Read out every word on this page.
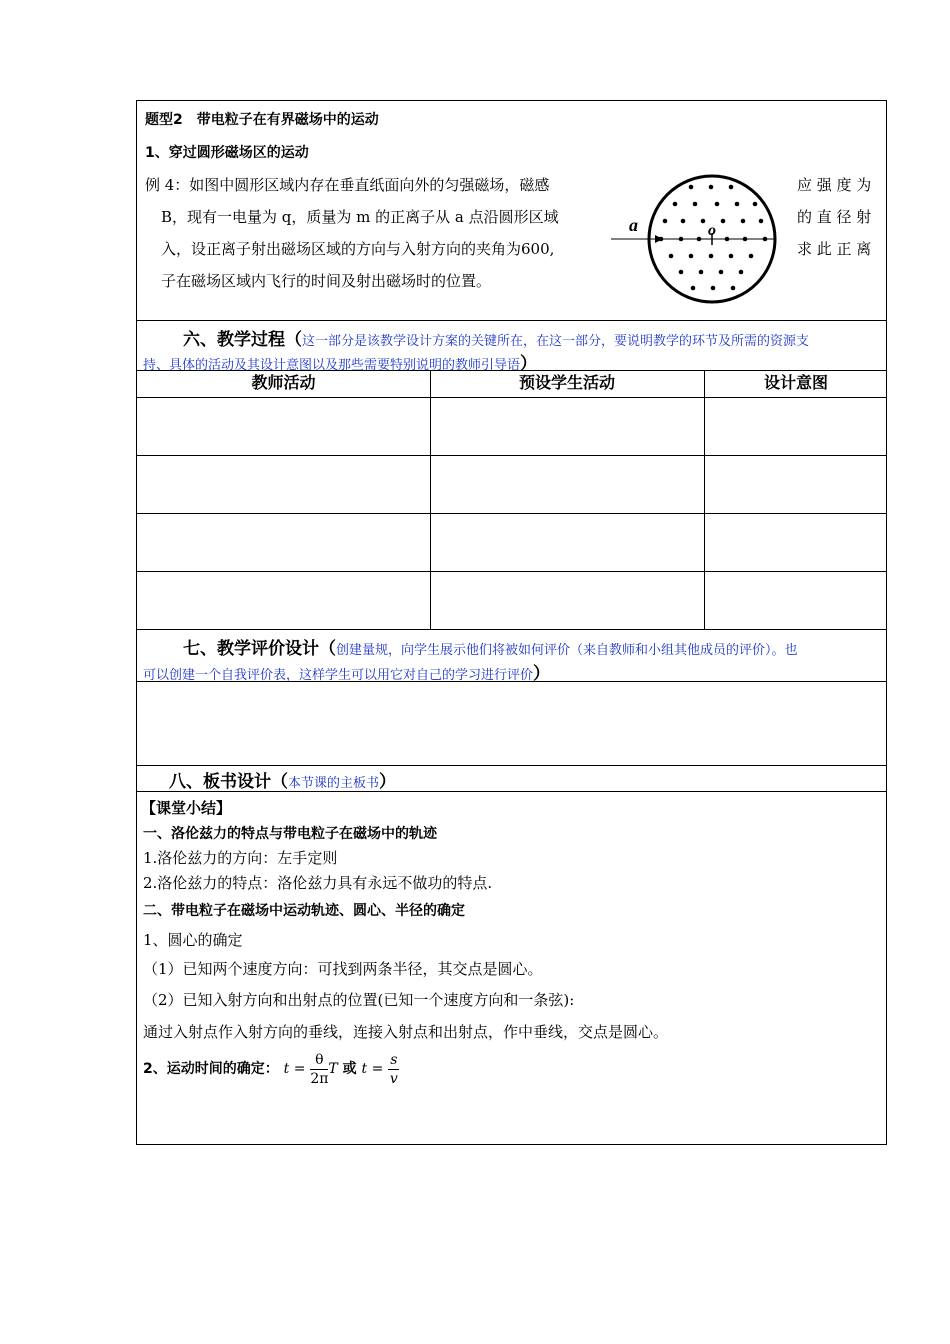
题型2　带电粒子在有界磁场中的运动
1、穿过圆形磁场区的运动
例 4：如图中圆形区域内存在垂直纸面向外的匀强磁场，磁感	应 强 度 为
B，现有一电量为 q，质量为 m 的正离子从 a 点沿圆形区域	的 直 径 射
入，设正离子射出磁场区域的方向与入射方向的夹角为600,	求 此 正 离
子在磁场区域内飞行的时间及射出磁场时的位置。
a	o
六、教学过程（这一部分是该教学设计方案的关键所在，在这一部分，要说明教学的环节及所需的资源支
持、具体的活动及其设计意图以及那些需要特别说明的教师引导语）
教师活动	预设学生活动	设计意图
七、教学评价设计（创建量规，向学生展示他们将被如何评价（来自教师和小组其他成员的评价）。也
可以创建一个自我评价表，这样学生可以用它对自己的学习进行评价）
八、板书设计（本节课的主板书）
【课堂小结】
一、洛伦兹力的特点与带电粒子在磁场中的轨迹
1.洛伦兹力的方向：左手定则
2.洛伦兹力的特点：洛伦兹力具有永远不做功的特点.
二、带电粒子在磁场中运动轨迹、圆心、半径的确定
1、圆心的确定
（1）已知两个速度方向：可找到两条半径，其交点是圆心。
（2）已知入射方向和出射点的位置(已知一个速度方向和一条弦):
通过入射点作入射方向的垂线，连接入射点和出射点，作中垂线，交点是圆心。
2、运动时间的确定： $t = \frac{\theta}{2\pi}$ T 或 $t = \frac{s}{v}$
